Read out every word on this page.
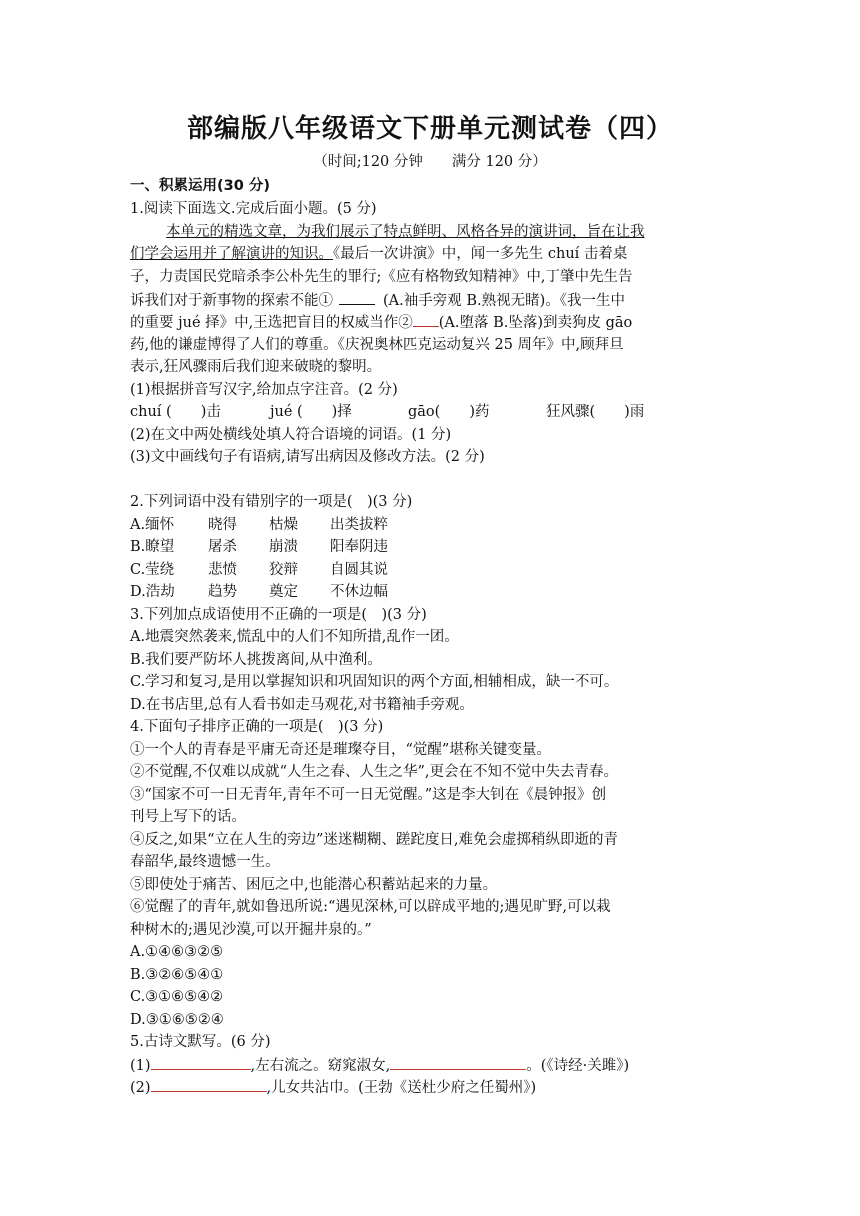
部编版八年级语文下册单元测试卷（四）
（时间;120 分钟　　满分 120 分）
一、积累运用(30 分)
1.阅读下面选文.完成后面小题。(5 分)
本单元的精选文章，为我们展示了特点鲜明、风格各异的演讲词，旨在让我
们学会运用并了解演讲的知识。《最后一次讲演》中，闻一多先生 chuí 击着桌
子，力责国民党暗杀李公朴先生的罪行;《应有格物致知精神》中,丁肇中先生告
诉我们对于新事物的探索不能①	(A.袖手旁观 B.熟视无睹)。《我一生中
的重要 jué 择》中,王选把盲目的权威当作② (A.堕落 B.坠落)到卖狗皮 gāo
药,他的谦虚博得了人们的尊重。《庆祝奥林匹克运动复兴 25 周年》中,顾拜旦
表示,狂风骤雨后我们迎来破晓的黎明。
(1)根据拼音写汉字,给加点字注音。(2 分)
chuí (　　)击	jué (　　)择	gāo(　　)药	狂风骤(　　)雨
(2)在文中两处横线处填人符合语境的词语。(1 分)
(3)文中画线句子有语病,请写出病因及修改方法。(2 分)
2.下列词语中没有错别字的一项是(　)(3 分)
A.缅怀 晓得 枯燥 出类拔粹
B.瞭望 屠杀 崩溃 阳奉阴违
C.莹绕 悲愤 狡辩 自圆其说
D.浩劫 趋势 奠定 不休边幅
3.下列加点成语使用不正确的一项是(　)(3 分)
A.地震突然袭来,慌乱中的人们不知所措,乱作一团。
B.我们要严防坏人挑拨离间,从中渔利。
C.学习和复习,是用以掌握知识和巩固知识的两个方面,相辅相成，缺一不可。
D.在书店里,总有人看书如走马观花,对书籍袖手旁观。
4.下面句子排序正确的一项是(　)(3 分)
①一个人的青春是平庸无奇还是璀璨夺目，“觉醒”堪称关键变量。
②不觉醒,不仅难以成就“人生之春、人生之华”,更会在不知不觉中失去青春。
③“国家不可一日无青年,青年不可一日无觉醒。”这是李大钊在《晨钟报》创
刊号上写下的话。
④反之,如果“立在人生的旁边”迷迷糊糊、蹉跎度日,难免会虚掷稍纵即逝的青
春韶华,最终遗憾一生。
⑤即使处于痛苦、困厄之中,也能潜心积蓄站起来的力量。
⑥觉醒了的青年,就如鲁迅所说:“遇见深林,可以辟成平地的;遇见旷野,可以栽
种树木的;遇见沙漠,可以开掘井泉的。”
A.①④⑥③②⑤
B.③②⑥⑤④①
C.③①⑥⑤④②
D.③①⑥⑤②④
5.古诗文默写。(6 分)
(1)	,左右流之。窈窕淑女,	。(《诗经·关雎》)
(2)	,儿女共沾巾。(王勃《送杜少府之任蜀州》)
